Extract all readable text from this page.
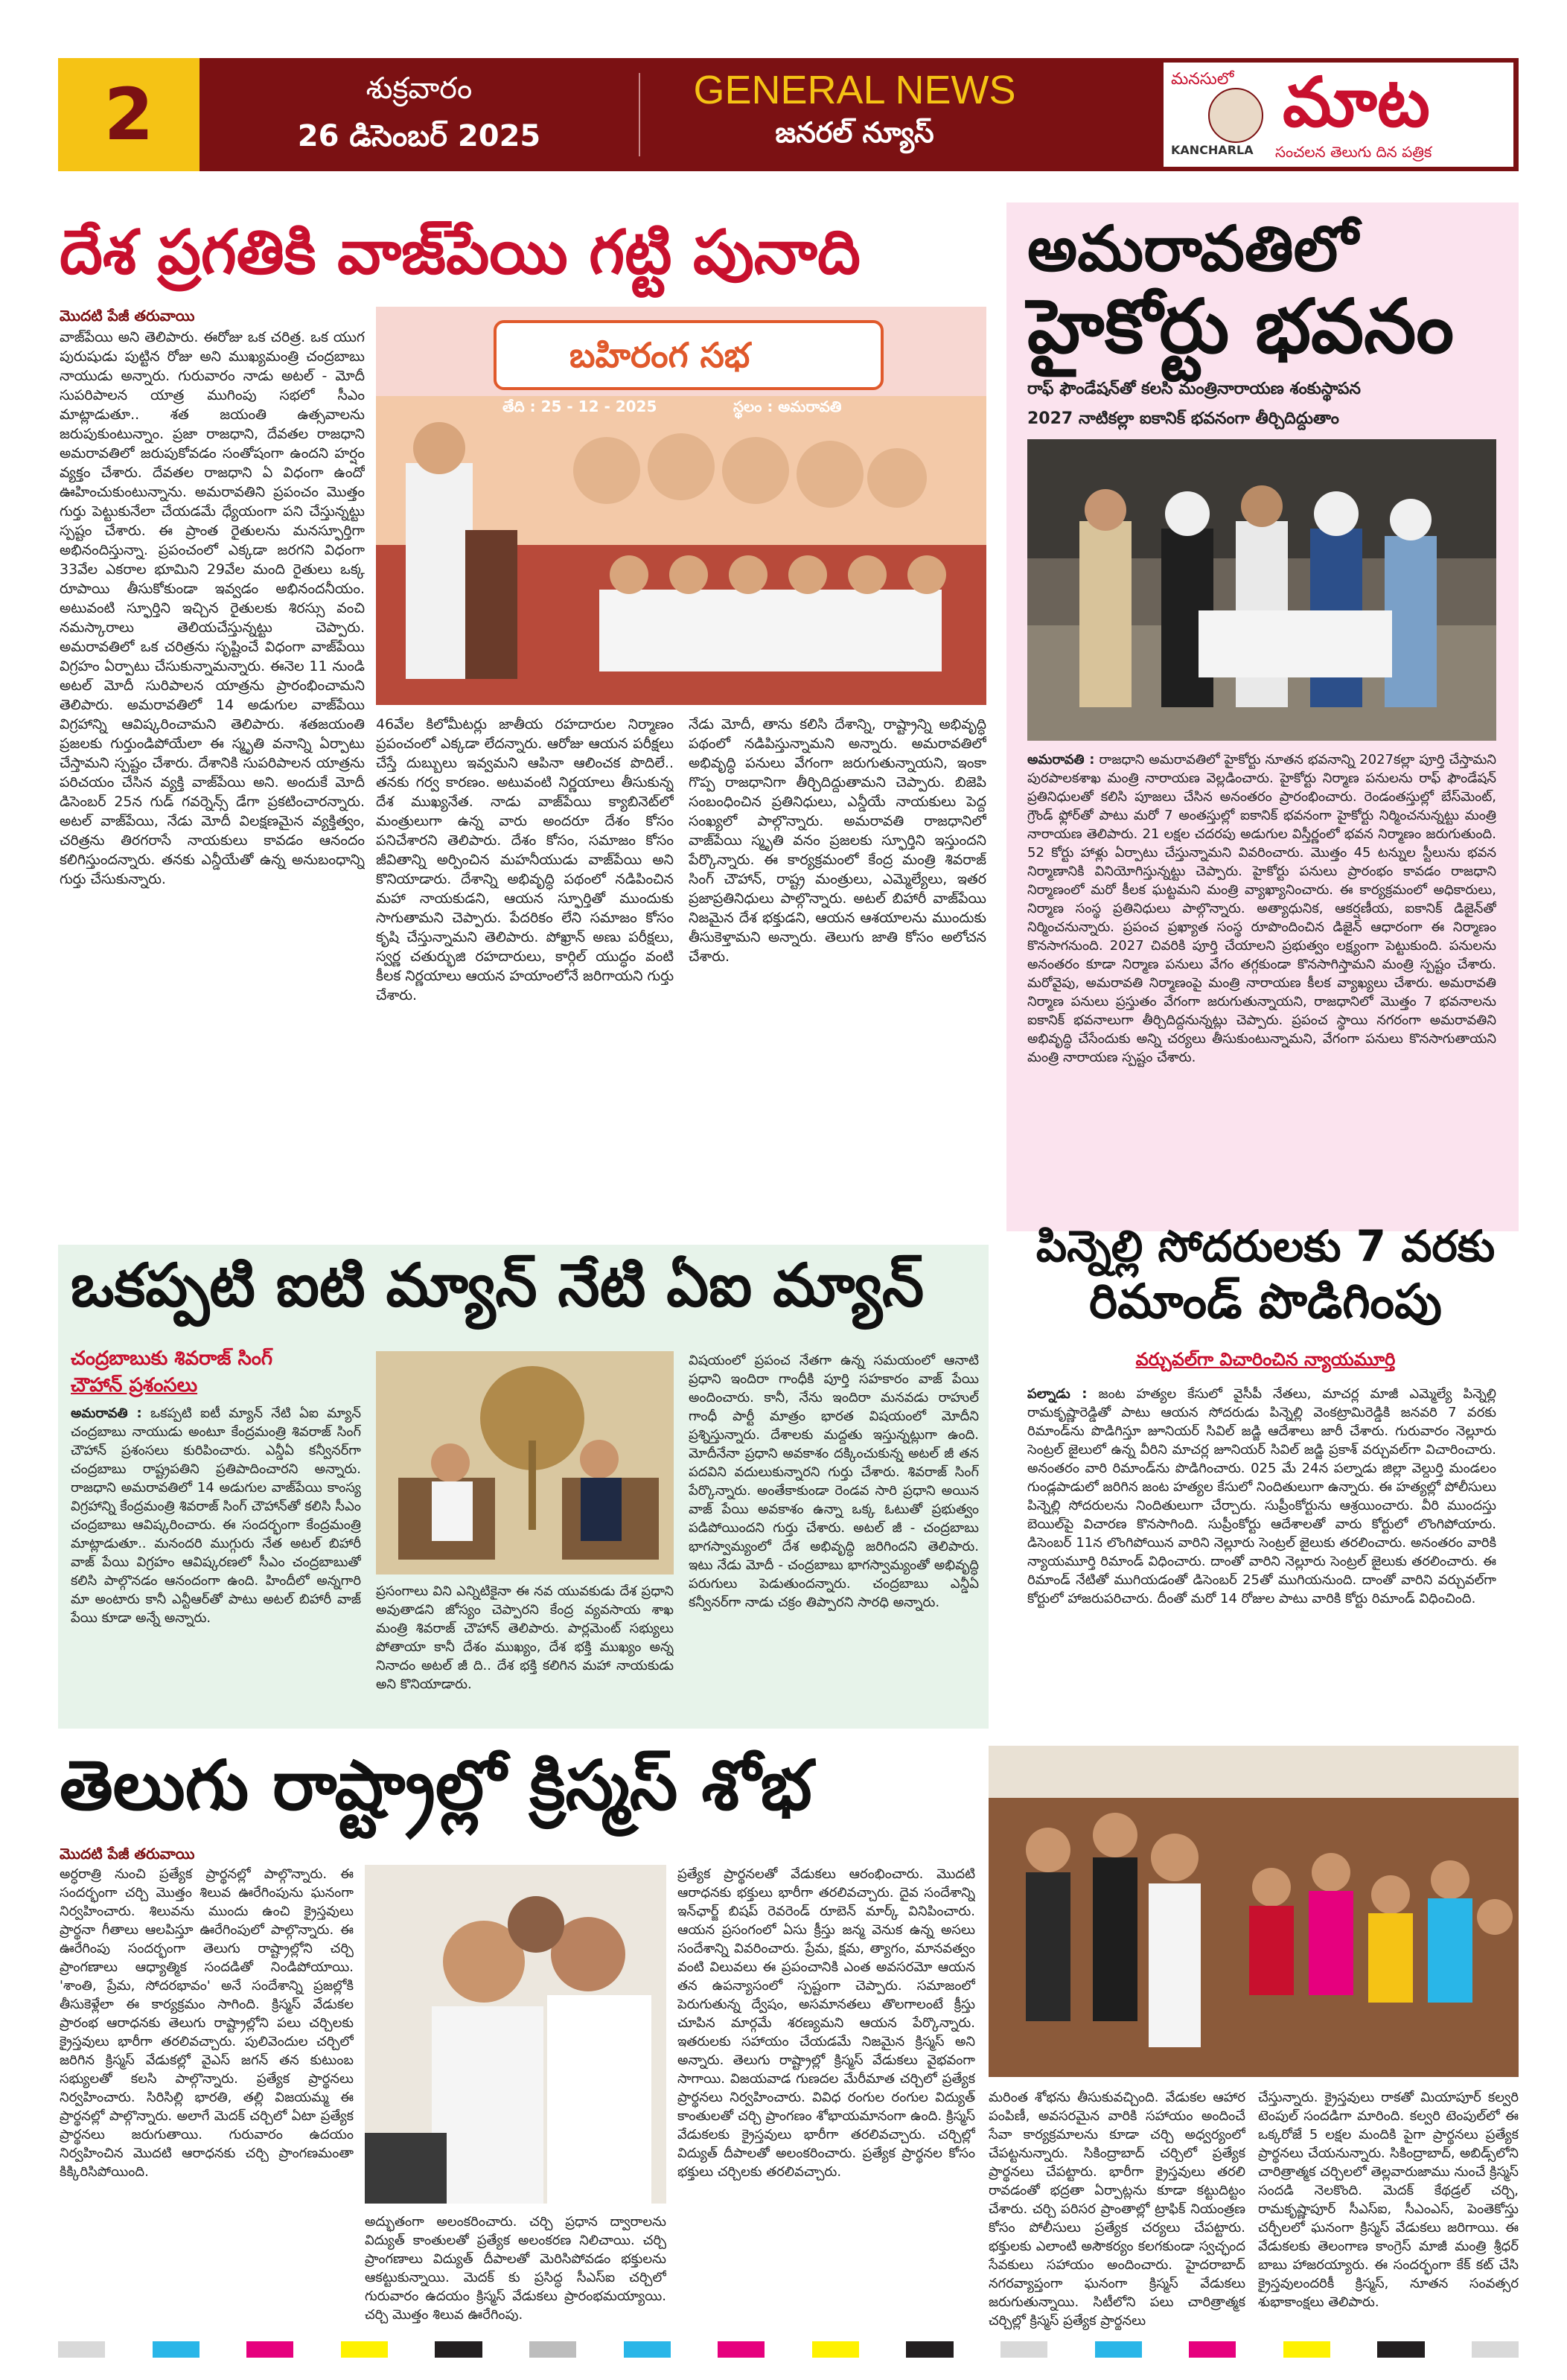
2	శుక్రవారం
26 డిసెంబర్ 2025
GENERAL NEWS
జనరల్ న్యూస్
మనసులో మాట
KANCHARLA సంచలన తెలుగు దిన పత్రిక
దేశ ప్రగతికి వాజ్‌పేయి గట్టి పునాది
మొదటి పేజీ తరువాయి
వాజ్‌పేయి అని తెలిపారు. ఈరోజు ఒక చరిత్ర. ఒక యుగ పురుషుడు పుట్టిన రోజు అని ముఖ్యమంత్రి చంద్రబాబు నాయుడు అన్నారు. గురువారం నాడు అటల్ - మోదీ సుపరిపాలన యాత్ర ముగింపు సభలో సీఎం మాట్లాడుతూ.. శత జయంతి ఉత్సవాలను జరుపుకుంటున్నాం. ప్రజా రాజధాని, దేవతల రాజధాని అమరావతిలో జరుపుకోవడం సంతోషంగా ఉందని హర్షం వ్యక్తం చేశారు. దేవతల రాజధాని ఏ విధంగా ఉందో ఊహించుకుంటున్నాను. అమరావతిని ప్రపంచం మొత్తం గుర్తు పెట్టుకునేలా చేయడమే ధ్యేయంగా పని చేస్తున్నట్టు స్పష్టం చేశారు. ఈ ప్రాంత రైతులను మనస్ఫూర్తిగా అభినందిస్తున్నా. ప్రపంచంలో ఎక్కడా జరగని విధంగా 33వేల ఎకరాల భూమిని 29వేల మంది రైతులు ఒక్క రూపాయి తీసుకోకుండా ఇవ్వడం అభినందనీయం. అటువంటి స్ఫూర్తిని ఇచ్చిన రైతులకు శిరస్సు వంచి నమస్కారాలు తెలియచేస్తున్నట్టు చెప్పారు. అమరావతిలో ఒక చరిత్రను సృష్టించే విధంగా వాజ్‌పేయి విగ్రహం ఏర్పాటు చేసుకున్నామన్నారు. ఈనెల 11 నుండి అటల్ మోదీ సురిపాలన యాత్రను ప్రారంభించామని తెలిపారు. అమరావతిలో 14 అడుగుల వాజ్‌పేయి విగ్రహాన్ని ఆవిష్కరించామని తెలిపారు. శతజయంతి ప్రజలకు గుర్తుండిపోయేలా ఈ స్మృతి వనాన్ని ఏర్పాటు చేస్తామని స్పష్టం చేశారు. దేశానికి సుపరిపాలన యాత్రను పరిచయం చేసిన వ్యక్తి వాజ్‌పేయి అని. అందుకే మోదీ డిసెంబర్ 25న గుడ్ గవర్నెన్స్ డేగా ప్రకటించారన్నారు. అటల్ వాజ్‌పేయి, నేడు మోదీ విలక్షణమైన వ్యక్తిత్వం, చరిత్రను తిరగరాసే నాయకులు కావడం ఆనందం కలిగిస్తుందన్నారు. తనకు ఎన్డీయేతో ఉన్న అనుబంధాన్ని గుర్తు చేసుకున్నారు.
బహిరంగ సభ
తేది : 25 - 12 - 2025	స్థలం : అమరావతి
46వేల కిలోమీటర్లు జాతీయ రహదారుల నిర్మాణం ప్రపంచంలో ఎక్కడా లేదన్నారు. ఆరోజు ఆయన పరీక్షలు చేస్తే దుబ్బులు ఇవ్వమని ఆపినా ఆలించక పొదిలే.. తనకు గర్వ కారణం. అటువంటి నిర్ణయాలు తీసుకున్న దేశ ముఖ్యనేత. నాడు వాజ్‌పేయి క్యాబినెట్‌లో మంత్రులుగా ఉన్న వారు అందరూ దేశం కోసం పనిచేశారని తెలిపారు. దేశం కోసం, సమాజం కోసం జీవితాన్ని అర్పించిన మహనీయుడు వాజ్‌పేయి అని కొనియాడారు. దేశాన్ని అభివృద్ధి పథంలో నడిపించిన మహా నాయకుడని, ఆయన స్ఫూర్తితో ముందుకు సాగుతామని చెప్పారు. పేదరికం లేని సమాజం కోసం కృషి చేస్తున్నామని తెలిపారు. పోఖ్రాన్ అణు పరీక్షలు, స్వర్ణ చతుర్భుజి రహదారులు, కార్గిల్ యుద్ధం వంటి కీలక నిర్ణయాలు ఆయన హయాంలోనే జరిగాయని గుర్తు చేశారు.
నేడు మోదీ, తాను కలిసి దేశాన్ని, రాష్ట్రాన్ని అభివృద్ధి పథంలో నడిపిస్తున్నామని అన్నారు. అమరావతిలో అభివృద్ధి పనులు వేగంగా జరుగుతున్నాయని, ఇంకా గొప్ప రాజధానిగా తీర్చిదిద్దుతామని చెప్పారు. బిజెపి సంబంధించిన ప్రతినిధులు, ఎన్డీయే నాయకులు పెద్ద సంఖ్యలో పాల్గొన్నారు. అమరావతి రాజధానిలో వాజ్‌పేయి స్మృతి వనం ప్రజలకు స్ఫూర్తిని ఇస్తుందని పేర్కొన్నారు. ఈ కార్యక్రమంలో కేంద్ర మంత్రి శివరాజ్ సింగ్ చౌహాన్, రాష్ట్ర మంత్రులు, ఎమ్మెల్యేలు, ఇతర ప్రజాప్రతినిధులు పాల్గొన్నారు. అటల్ బిహారీ వాజ్‌పేయి నిజమైన దేశ భక్తుడని, ఆయన ఆశయాలను ముందుకు తీసుకెళ్తామని అన్నారు. తెలుగు జాతి కోసం అలోచన చేశారు.
అమరావతిలో
హైకోర్టు భవనం
రాఫ్ ఫౌండేషన్‌తో కలసి మంత్రినారాయణ శంకుస్థాపన
2027 నాటికల్లా ఐకానిక్ భవనంగా తీర్చిదిద్దుతాం
అమరావతి : రాజధాని అమరావతిలో హైకోర్టు నూతన భవనాన్ని 2027కల్లా పూర్తి చేస్తామని పురపాలకశాఖ మంత్రి నారాయణ వెల్లడించారు. హైకోర్టు నిర్మాణ పనులను రాఫ్ ఫౌండేషన్ ప్రతినిధులతో కలిసి పూజలు చేసిన అనంతరం ప్రారంభించారు. రెండంతస్తుల్లో బేస్‌మెంట్, గ్రౌండ్ ఫ్లోర్‌తో పాటు మరో 7 అంతస్తుల్లో ఐకానిక్ భవనంగా హైకోర్టు నిర్మించనున్నట్టు మంత్రి నారాయణ తెలిపారు. 21 లక్షల చదరపు అడుగుల విస్తీర్ణంలో భవన నిర్మాణం జరుగుతుంది. 52 కోర్టు హాళ్లు ఏర్పాటు చేస్తున్నామని వివరించారు. మొత్తం 45 టన్నుల స్టీలును భవన నిర్మాణానికి వినియోగిస్తున్నట్టు చెప్పారు. హైకోర్టు పనులు ప్రారంభం కావడం రాజధాని నిర్మాణంలో మరో కీలక ఘట్టమని మంత్రి వ్యాఖ్యానించారు. ఈ కార్యక్రమంలో అధికారులు, నిర్మాణ సంస్థ ప్రతినిధులు పాల్గొన్నారు. అత్యాధునిక, ఆకర్షణీయ, ఐకానిక్ డిజైన్‌తో నిర్మించనున్నారు. ప్రపంచ ప్రఖ్యాత సంస్థ రూపొందించిన డిజైన్ ఆధారంగా ఈ నిర్మాణం కొనసాగనుంది. 2027 చివరికి పూర్తి చేయాలని ప్రభుత్వం లక్ష్యంగా పెట్టుకుంది. పనులను అనంతరం కూడా నిర్మాణ పనులు వేగం తగ్గకుండా కొనసాగిస్తామని మంత్రి స్పష్టం చేశారు. మరోవైపు, అమరావతి నిర్మాణంపై మంత్రి నారాయణ కీలక వ్యాఖ్యలు చేశారు. అమరావతి నిర్మాణ పనులు ప్రస్తుతం వేగంగా జరుగుతున్నాయని, రాజధానిలో మొత్తం 7 భవనాలను ఐకానిక్ భవనాలుగా తీర్చిదిద్దనున్నట్లు చెప్పారు. ప్రపంచ స్థాయి నగరంగా అమరావతిని అభివృద్ధి చేసేందుకు అన్ని చర్యలు తీసుకుంటున్నామని, వేగంగా పనులు కొనసాగుతాయని మంత్రి నారాయణ స్పష్టం చేశారు.
పిన్నెల్లి సోదరులకు 7 వరకు
రిమాండ్ పొడిగింపు
వర్చువల్‌గా విచారించిన న్యాయమూర్తి
పల్నాడు : జంట హత్యల కేసులో వైసీపీ నేతలు, మాచర్ల మాజీ ఎమ్మెల్యే పిన్నెల్లి రామకృష్ణారెడ్డితో పాటు ఆయన సోదరుడు పిన్నెల్లి వెంకట్రామిరెడ్డికి జనవరి 7 వరకు రిమాండ్‌ను పొడిగిస్తూ జూనియర్ సివిల్ జడ్జి ఆదేశాలు జారీ చేశారు. గురువారం నెల్లూరు సెంట్రల్ జైలులో ఉన్న వీరిని మాచర్ల జూనియర్ సివిల్ జడ్జి ప్రకాశ్ వర్చువల్‌గా విచారించారు. అనంతరం వారి రిమాండ్‌ను పొడిగించారు. 025 మే 24న పల్నాడు జిల్లా వెల్దుర్తి మండలం గుండ్లపాడులో జరిగిన జంట హత్యల కేసులో నిందితులుగా ఉన్నారు. ఈ హత్యల్లో పోలీసులు పిన్నెల్లి సోదరులను నిందితులుగా చేర్చారు. సుప్రీంకోర్టును ఆశ్రయించారు. వీరి ముందస్తు బెయిల్‌పై విచారణ కొనసాగింది. సుప్రీంకోర్టు ఆదేశాలతో వారు కోర్టులో లొంగిపోయారు. డిసెంబర్ 11న లొంగిపోయిన వారిని నెల్లూరు సెంట్రల్ జైలుకు తరలించారు. అనంతరం వారికి న్యాయమూర్తి రిమాండ్ విధించారు. దాంతో వారిని నెల్లూరు సెంట్రల్ జైలుకు తరలించారు. ఈ రిమాండ్ నేటితో ముగియడంతో డిసెంబర్ 25తో ముగియనుంది. దాంతో వారిని వర్చువల్‌గా కోర్టులో హాజరుపరిచారు. దీంతో మరో 14 రోజుల పాటు వారికి కోర్టు రిమాండ్ విధించింది.
ఒకప్పటి ఐటి మ్యాన్ నేటి ఏఐ మ్యాన్
చంద్రబాబుకు శివరాజ్ సింగ్
చౌహాన్ ప్రశంసలు
అమరావతి : ఒకప్పటి ఐటీ మ్యాన్ నేటి ఏఐ మ్యాన్ చంద్రబాబు నాయుడు అంటూ కేంద్రమంత్రి శివరాజ్ సింగ్ చౌహాన్ ప్రశంసలు కురిపించారు. ఎన్డీఏ కన్వీనర్‌గా చంద్రబాబు రాష్ట్రపతిని ప్రతిపాదించారని అన్నారు. రాజధాని అమరావతిలో 14 అడుగుల వాజ్‌పేయి కాంస్య విగ్రహాన్ని కేంద్రమంత్రి శివరాజ్ సింగ్ చౌహాన్‌తో కలిసి సీఎం చంద్రబాబు ఆవిష్కరించారు. ఈ సందర్భంగా కేంద్రమంత్రి మాట్లాడుతూ.. మనందరి ముగ్గురు నేత అటల్ బిహారీ వాజ్ పేయి విగ్రహం ఆవిష్కరణలో సీఎం చంద్రబాబుతో కలిసి పాల్గొనడం ఆనందంగా ఉంది. హిందీలో అన్నగారి మా అంటారు కానీ ఎన్టీఆర్‌తో పాటు అటల్ బిహారీ వాజ్ పేయి కూడా అన్నే అన్నారు.
ప్రసంగాలు విని ఎన్నిటికైనా ఈ నవ యువకుడు దేశ ప్రధాని అవుతాడని జోస్యం చెప్పారని కేంద్ర వ్యవసాయ శాఖ మంత్రి శివరాజ్ చౌహాన్ తెలిపారు. పార్లమెంట్ సభ్యులు పోతాయా కానీ దేశం ముఖ్యం, దేశ భక్తి ముఖ్యం అన్న నినాదం అటల్ జీ ది.. దేశ భక్తి కలిగిన మహా నాయకుడు అని కొనియాడారు.
విషయంలో ప్రపంచ నేతగా ఉన్న సమయంలో ఆనాటి ప్రధాని ఇందిరా గాంధీకి పూర్తి సహకారం వాజ్ పేయి అందించారు. కానీ, నేను ఇందిరా మనవడు రాహుల్ గాంధీ పార్టీ మాత్రం భారత విషయంలో మోదీని ప్రశ్నిస్తున్నారు. దేశాలకు మద్దతు ఇస్తున్నట్లుగా ఉంది. మోదీనేనా ప్రధాని అవకాశం దక్కించుకున్న అటల్ జీ తన పదవిని వదులుకున్నారని గుర్తు చేశారు. శివరాజ్ సింగ్ పేర్కొన్నారు. అంతేకాకుండా రెండవ సారి ప్రధాని అయిన వాజ్ పేయి అవకాశం ఉన్నా ఒక్క ఓటుతో ప్రభుత్వం పడిపోయిందని గుర్తు చేశారు. అటల్ జీ - చంద్రబాబు భాగస్వామ్యంలో దేశ అభివృద్ధి జరిగిందని తెలిపారు. ఇటు నేడు మోదీ - చంద్రబాబు భాగస్వామ్యంతో అభివృద్ధి పరుగులు పెడుతుందన్నారు. చంద్రబాబు ఎన్డీఏ కన్వీనర్‌గా నాడు చక్రం తిప్పారని సారధి అన్నారు.
తెలుగు రాష్ట్రాల్లో క్రిస్మస్ శోభ
మొదటి పేజీ తరువాయి
అర్ధరాత్రి నుంచి ప్రత్యేక ప్రార్థనల్లో పాల్గొన్నారు. ఈ సందర్భంగా చర్చి మొత్తం శిలువ ఊరేగింపును ఘనంగా నిర్వహించారు. శిలువను ముందు ఉంచి క్రైస్తవులు ప్రార్థనా గీతాలు ఆలపిస్తూ ఊరేగింపులో పాల్గొన్నారు. ఈ ఊరేగింపు సందర్భంగా తెలుగు రాష్ట్రాల్లోని చర్చి ప్రాంగణాలు ఆధ్యాత్మిక సందడితో నిండిపోయాయి. 'శాంతి, ప్రేమ, సోదరభావం' అనే సందేశాన్ని ప్రజల్లోకి తీసుకెళ్లేలా ఈ కార్యక్రమం సాగింది. క్రిస్మస్ వేడుకల ప్రారంభ ఆరాధనకు తెలుగు రాష్ట్రాల్లోని పలు చర్చిలకు క్రైస్తవులు భారీగా తరలివచ్చారు. పులివెందుల చర్చిలో జరిగిన క్రిస్మస్ వేడుకల్లో వైఎస్ జగన్ తన కుటుంబ సభ్యులతో కలసి పాల్గొన్నారు. ప్రత్యేక ప్రార్థనలు నిర్వహించారు. సిరిసిల్లి భారతి, తల్లి విజయమ్మ ఈ ప్రార్థనల్లో పాల్గొన్నారు. అలాగే మెదక్ చర్చిలో ఏటా ప్రత్యేక ప్రార్థనలు జరుగుతాయి. గురువారం ఉదయం నిర్వహించిన మొదటి ఆరాధనకు చర్చి ప్రాంగణమంతా కిక్కిరిసిపోయింది.
అద్భుతంగా అలంకరించారు. చర్చి ప్రధాన ద్వారాలను విద్యుత్ కాంతులతో ప్రత్యేక అలంకరణ నిలిచాయి. చర్చి ప్రాంగణాలు విద్యుత్ దీపాలతో మెరిసిపోవడం భక్తులను ఆకట్టుకున్నాయి. మెదక్ కు ప్రసిద్ధ సీఎస్ఐ చర్చిలో గురువారం ఉదయం క్రిస్మస్ వేడుకలు ప్రారంభమయ్యాయి. చర్చి మొత్తం శిలువ ఊరేగింపు.
ప్రత్యేక ప్రార్థనలతో వేడుకలు ఆరంభించారు. మొదటి ఆరాధనకు భక్తులు భారీగా తరలివచ్చారు. దైవ సందేశాన్ని ఇన్‌ఛార్జ్ బిషప్ రెవరెండ్ రూబెన్ మార్క్ వినిపించారు. ఆయన ప్రసంగంలో ఏసు క్రీస్తు జన్మ వెనుక ఉన్న అసలు సందేశాన్ని వివరించారు. ప్రేమ, క్షమ, త్యాగం, మానవత్వం వంటి విలువలు ఈ ప్రపంచానికి ఎంత అవసరమో ఆయన తన ఉపన్యాసంలో స్పష్టంగా చెప్పారు. సమాజంలో పెరుగుతున్న ద్వేషం, అసమానతలు తొలగాలంటే క్రీస్తు చూపిన మార్గమే శరణ్యమని ఆయన పేర్కొన్నారు. ఇతరులకు సహాయం చేయడమే నిజమైన క్రిస్మస్ అని అన్నారు. తెలుగు రాష్ట్రాల్లో క్రిస్మస్ వేడుకలు వైభవంగా సాగాయి. విజయవాడ గుణదల మేరీమాత చర్చిలో ప్రత్యేక ప్రార్థనలు నిర్వహించారు. వివిధ రంగుల రంగుల విద్యుత్ కాంతులతో చర్చి ప్రాంగణం శోభాయమానంగా ఉంది. క్రిస్మస్ వేడుకలకు క్రైస్తవులు భారీగా తరలివచ్చారు. చర్చిల్లో విద్యుత్ దీపాలతో అలంకరించారు. ప్రత్యేక ప్రార్థనల కోసం భక్తులు చర్చిలకు తరలివచ్చారు.
మరింత శోభను తీసుకువచ్చింది. వేడుకల ఆహార పంపిణీ, అవసరమైన వారికి సహాయం అందించే సేవా కార్యక్రమాలను కూడా చర్చి అధ్వర్యంలో చేపట్టనున్నారు. సికింద్రాబాద్ చర్చిలో ప్రత్యేక ప్రార్థనలు చేపట్టారు. భారీగా క్రైస్తవులు తరలి రావడంతో భద్రతా ఏర్పాట్లను కూడా కట్టుదిట్టం చేశారు. చర్చి పరిసర ప్రాంతాల్లో ట్రాఫిక్ నియంత్రణ కోసం పోలీసులు ప్రత్యేక చర్యలు చేపట్టారు. భక్తులకు ఎలాంటి అసౌకర్యం కలగకుండా స్వచ్ఛంద సేవకులు సహాయం అందించారు. హైదరాబాద్ నగరవ్యాప్తంగా ఘనంగా క్రిస్మస్ వేడుకలు జరుగుతున్నాయి. సిటీలోని పలు చారిత్రాత్మక చర్చిల్లో క్రిస్మస్ ప్రత్యేక ప్రార్థనలు
చేస్తున్నారు. క్రైస్తవులు రాకతో మియాపూర్ కల్వరి టెంపుల్ సందడిగా మారింది. కల్వరి టెంపుల్‌లో ఈ ఒక్కరోజే 5 లక్షల మందికి పైగా ప్రార్థనలు ప్రత్యేక ప్రార్థనలు చేయనున్నారు. సికింద్రాబాద్, అబిడ్స్‌లోని చారిత్రాత్మక చర్చిలలో తెల్లవారుజాము నుంచే క్రిస్మస్ సందడి నెలకొంది. మెదక్ కేథడ్రల్ చర్చి, రామకృష్ణాపూర్ సీఎస్ఐ, సీఎంఎస్, పెంతెకోస్తు చర్చీలలో ఘనంగా క్రిస్మస్ వేడుకలు జరిగాయి. ఈ వేడుకలకు తెలంగాణ కాంగ్రెస్ మాజీ మంత్రి శ్రీధర్ బాబు హాజరయ్యారు. ఈ సందర్భంగా కేక్ కట్ చేసి క్రైస్తవులందరికీ క్రిస్మస్, నూతన సంవత్సర శుభాకాంక్షలు తెలిపారు.
